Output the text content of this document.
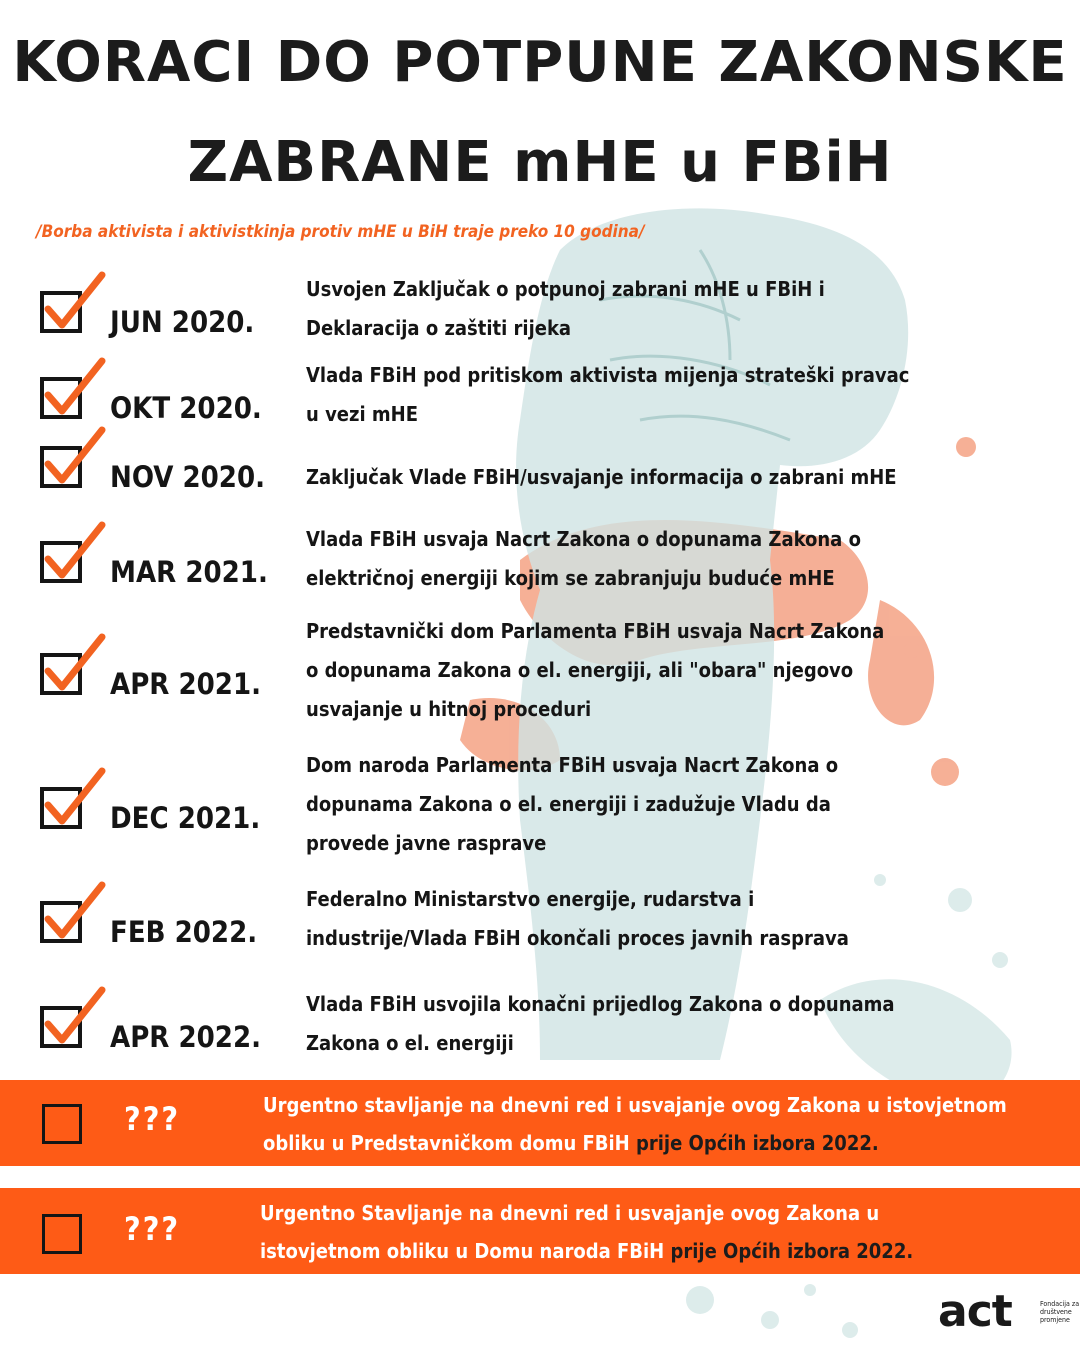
KORACI DO POTPUNE ZAKONSKE
ZABRANE mHE u FBiH
/Borba aktivista i aktivistkinja protiv mHE u BiH traje preko 10 godina/
JUN 2020.
Usvojen Zaključak o potpunoj zabrani mHE u FBiH i
Deklaracija o zaštiti rijeka
OKT 2020.
Vlada FBiH pod pritiskom aktivista mijenja strateški pravac
u vezi mHE
NOV 2020. Zaključak Vlade FBiH/usvajanje informacija o zabrani mHE
MAR 2021.
Vlada FBiH usvaja Nacrt Zakona o dopunama Zakona o
električnoj energiji kojim se zabranjuju buduće mHE
APR 2021.
Predstavnički dom Parlamenta FBiH usvaja Nacrt Zakona
o dopunama Zakona o el. energiji, ali "obara" njegovo
usvajanje u hitnoj proceduri
DEC 2021.
Dom naroda Parlamenta FBiH usvaja Nacrt Zakona o
dopunama Zakona o el. energiji i zadužuje Vladu da
provede javne rasprave
FEB 2022.
Federalno Ministarstvo energije, rudarstva i
industrije/Vlada FBiH okončali proces javnih rasprava
APR 2022.
Vlada FBiH usvojila konačni prijedlog Zakona o dopunama
Zakona o el. energiji
???	Urgentno stavljanje na dnevni red i usvajanje ovog Zakona u istovjetnom
obliku u Predstavničkom domu FBiH prije Općih izbora 2022.
???	Urgentno Stavljanje na dnevni red i usvajanje ovog Zakona u
istovjetnom obliku u Domu naroda FBiH prije Općih izbora 2022.
act	Fondacija za društvene promjene
